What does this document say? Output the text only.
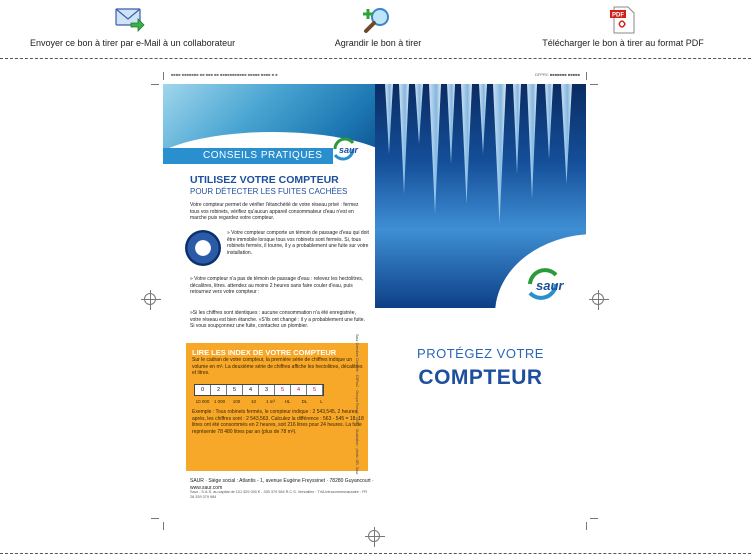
Envoyer ce bon à tirer par e-Mail à un collaborateur	Agrandir le bon à tirer
PDF
Télécharger le bon à tirer au format PDF
■■■■ ■■■■■■■ ■■ ■■■ ■■ ■■■■■■■■■■■ ■■■■■ ■■■■ ■ ■
CONSEILS PRATIQUES saur
UTILISEZ VOTRE COMPTEUR
POUR DÉTECTER LES FUITES CACHÉES
Votre compteur permet de vérifier l'étanchéité de votre réseau privé : fermez tous vos robinets, vérifiez qu'aucun appareil consommateur d'eau n'est en marche puis regardez votre compteur.
» Votre compteur comporte un témoin de passage d'eau qui doit être immobile lorsque tous vos robinets sont fermés. Si, tous robinets fermés, il tourne, il y a probablement une fuite sur votre installation.
» Votre compteur n'a pas de témoin de passage d'eau : relevez les hectolitres, décalitres, litres. attendez au moins 2 heures sans faire couler d'eau, puis retournez vers votre compteur :
»Si les chiffres sont identiques : aucune consommation n'a été enregistrée, votre réseau est bien étanche. »S'ils ont changé : il y a probablement une fuite. Si vous soupçonnez une fuite, contactez un plombier.
LIRE LES INDEX DE VOTRE COMPTEUR
Sur le cadran de votre compteur, la première série de chiffres indique un volume en m³. La deuxième série de chiffres affiche les hectolitres, décalitres et litres.
0	2	5	4	3	5	4	5
10 000 1 000	100	10	1 m³	HL	DL	L
Exemple : Tous robinets fermés, le compteur indique : 2 543,545, 2 heures après, les chiffres sont : 2 543,563. Calculez la différence : 563 - 545 = 18. 18 litres ont été consommés en 2 heures, soit 216 litres pour 24 heures. La fuite représente 78 480 litres par an (plus de 78 m³).
SAUR · Siège social : Atlantis - 1, avenue Eugène Freyssinet · 78280 Guyancourt · www.saur.com
Saur - S.A.S. au capital de 101 529 000 € - 339 379 984 R.C.S. Versailles · TVA intracommunautaire : FR 28 339 379 984
Saur Direction Clientèle · D3Pro2 · Groupe Rosbé · 06/07 · Illustration · photo: DR, Saur.
DFPRC ■■■■■■■ ■■■■■
saur
PROTÉGEZ VOTRE
COMPTEUR
